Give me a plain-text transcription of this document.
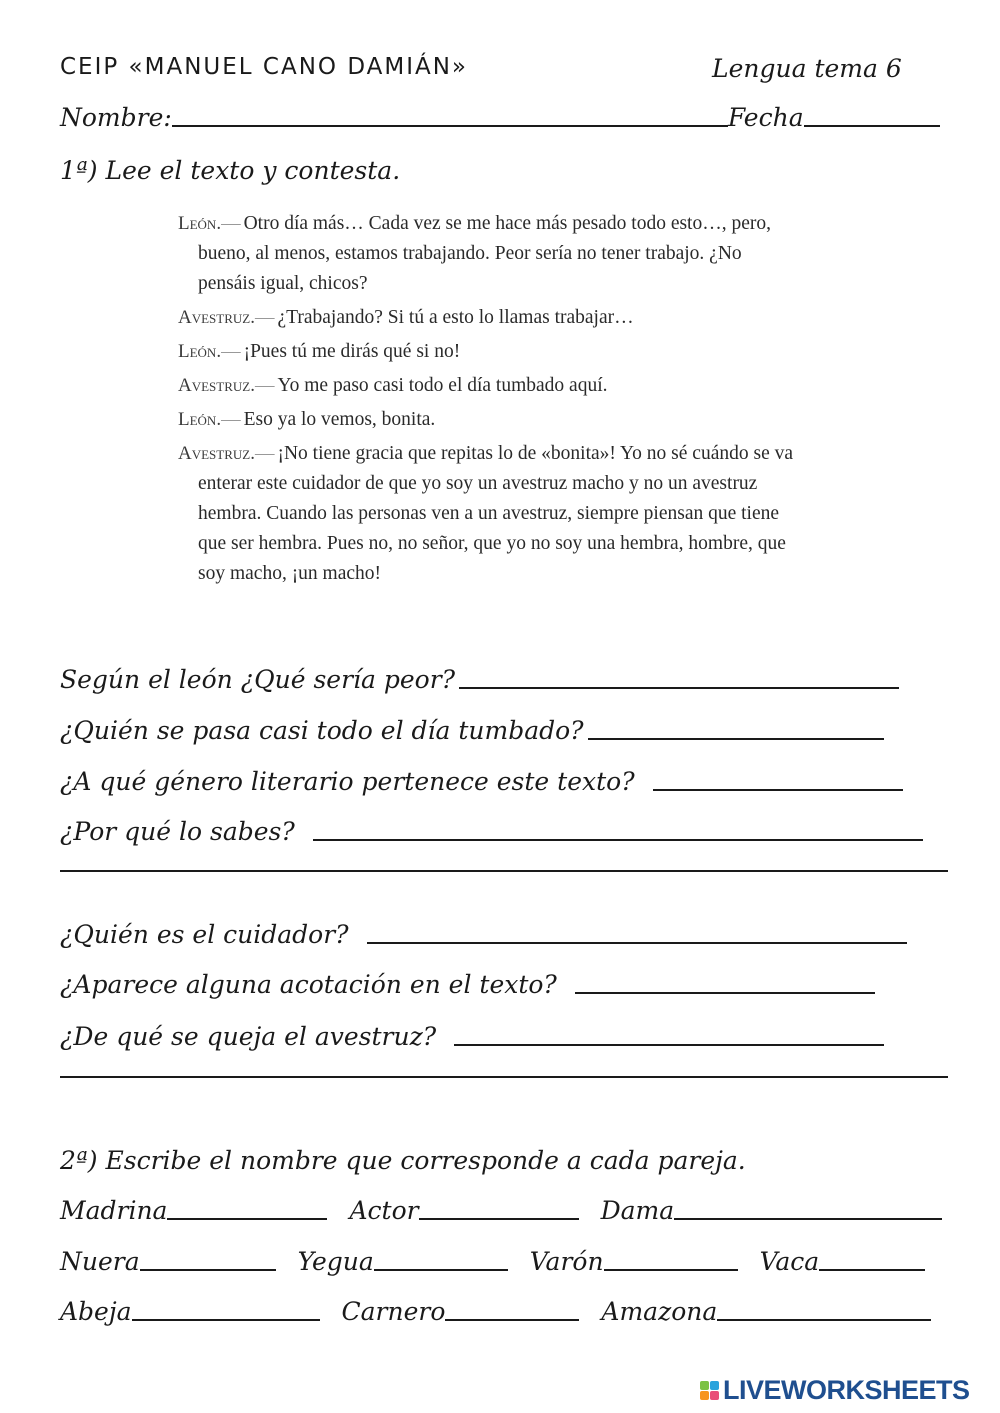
CEIP «MANUEL CANO DAMIÁN»	Lengua tema 6
Nombre:	Fecha
1ª) Lee el texto y contesta.
León.— Otro día más… Cada vez se me hace más pesado todo esto…, pero, bueno, al menos, estamos trabajando. Peor sería no tener trabajo. ¿No pensáis igual, chicos?
Avestruz.— ¿Trabajando? Si tú a esto lo llamas trabajar…
León.— ¡Pues tú me dirás qué si no!
Avestruz.— Yo me paso casi todo el día tumbado aquí.
León.— Eso ya lo vemos, bonita.
Avestruz.— ¡No tiene gracia que repitas lo de «bonita»! Yo no sé cuándo se va enterar este cuidador de que yo soy un avestruz macho y no un avestruz hembra. Cuando las personas ven a un avestruz, siempre piensan que tiene que ser hembra. Pues no, no señor, que yo no soy una hembra, hombre, que soy macho, ¡un macho!
Según el león ¿Qué sería peor?
¿Quién se pasa casi todo el día tumbado?
¿A qué género literario pertenece este texto?
¿Por qué lo sabes?
¿Quién es el cuidador?
¿Aparece alguna acotación en el texto?
¿De qué se queja el avestruz?
2ª) Escribe el nombre que corresponde a cada pareja.
Madrina	Actor	Dama
Nuera	Yegua	Varón	Vaca
Abeja	Carnero	Amazona
LIVEWORKSHEETS
